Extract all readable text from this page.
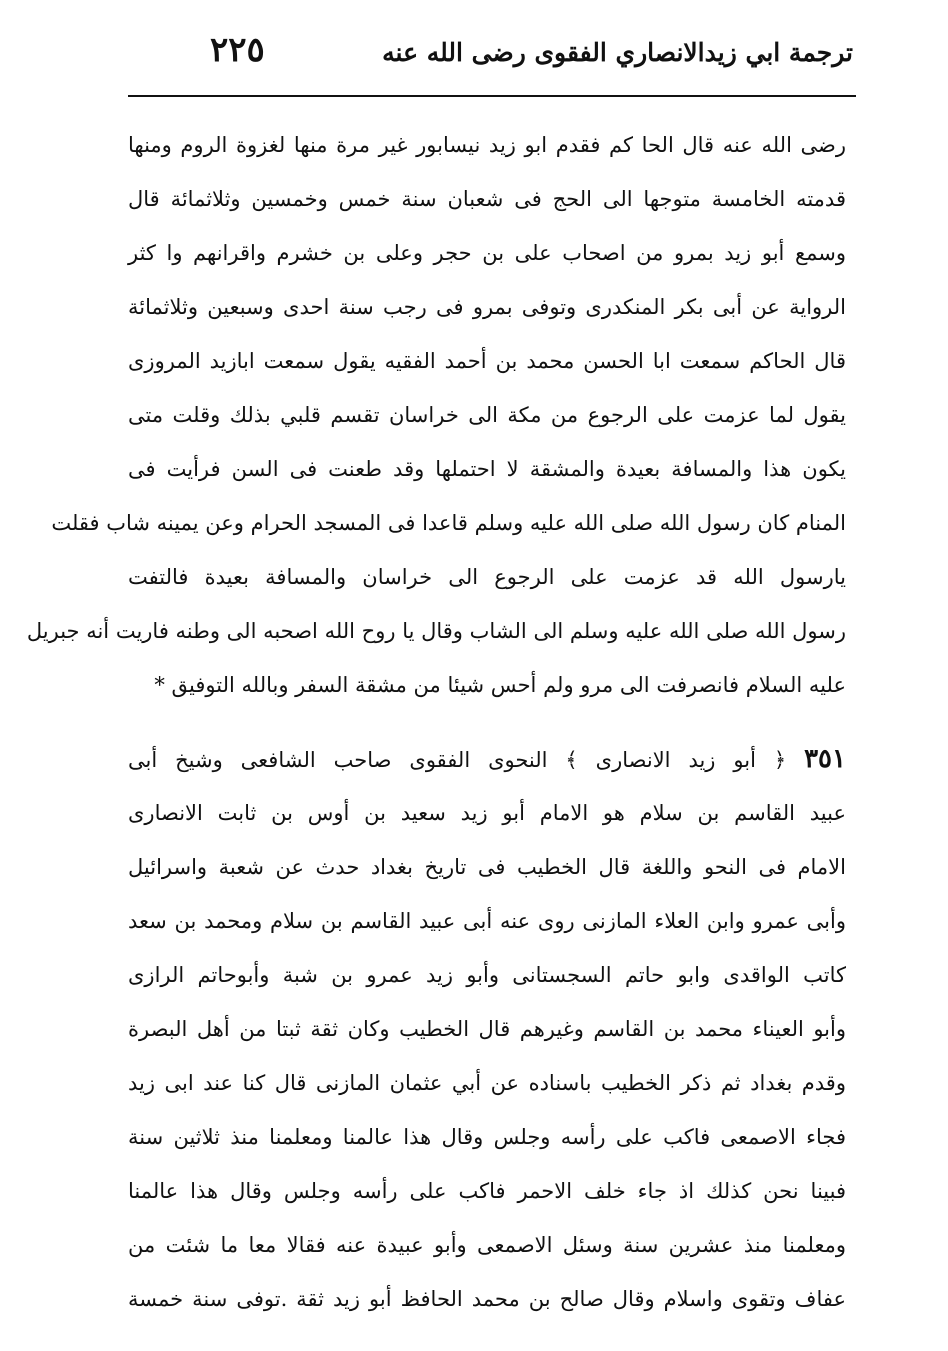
٢٢٥	ترجمة ابي زيدالانصاري الفقوى رضى الله عنه
رضى الله عنه قال الحا كم فقدم ابو زيد نيسابور غير مرة منها لغزوة الروم ومنها
قدمته الخامسة متوجها الى الحج فى شعبان سنة خمس وخمسين وثلاثمائة قال
وسمع أبو زيد بمرو من اصحاب على بن حجر وعلى بن خشرم واقرانهم وا كثر
الرواية عن أبى بكر المنكدرى وتوفى بمرو فى رجب سنة احدى وسبعين وثلاثمائة
قال الحاكم سمعت ابا الحسن محمد بن أحمد الفقيه يقول سمعت ابازيد المروزى
يقول لما عزمت على الرجوع من مكة الى خراسان تقسم قلبي بذلك وقلت متى
يكون هذا والمسافة بعيدة والمشقة لا احتملها وقد طعنت فى السن فرأيت فى
المنام كان رسول الله صلى الله عليه وسلم قاعدا فى المسجد الحرام وعن يمينه شاب فقلت
يارسول الله قد عزمت على الرجوع الى خراسان والمسافة بعيدة فالتفت
رسول الله صلى الله عليه وسلم الى الشاب وقال يا روح الله اصحبه الى وطنه فاريت أنه جبريل
عليه السلام فانصرفت الى مرو ولم أحس شيئا من مشقة السفر وبالله التوفيق *
٣٥١ ﴿ أبو زيد الانصارى ﴾ النحوى الفقوى صاحب الشافعى وشيخ أبى
عبيد القاسم بن سلام هو الامام أبو زيد سعيد بن أوس بن ثابت الانصارى
الامام فى النحو واللغة قال الخطيب فى تاريخ بغداد حدث عن شعبة واسرائيل
وأبى عمرو وابن العلاء المازنى روى عنه أبى عبيد القاسم بن سلام ومحمد بن سعد
كاتب الواقدى وابو حاتم السجستانى وأبو زيد عمرو بن شبة وأبوحاتم الرازى
وأبو العيناء محمد بن القاسم وغيرهم قال الخطيب وكان ثقة ثبتا من أهل البصرة
وقدم بغداد ثم ذكر الخطيب باسناده عن أبي عثمان المازنى قال كنا عند ابى زيد
فجاء الاصمعى فاكب على رأسه وجلس وقال هذا عالمنا ومعلمنا منذ ثلاثين سنة
فبينا نحن كذلك اذ جاء خلف الاحمر فاكب على رأسه وجلس وقال هذا عالمنا
ومعلمنا منذ عشرين سنة وسئل الاصمعى وأبو عبيدة عنه فقالا معا ما شئت من
عفاف وتقوى واسلام وقال صالح بن محمد الحافظ أبو زيد ثقة .توفى سنة خمسة
